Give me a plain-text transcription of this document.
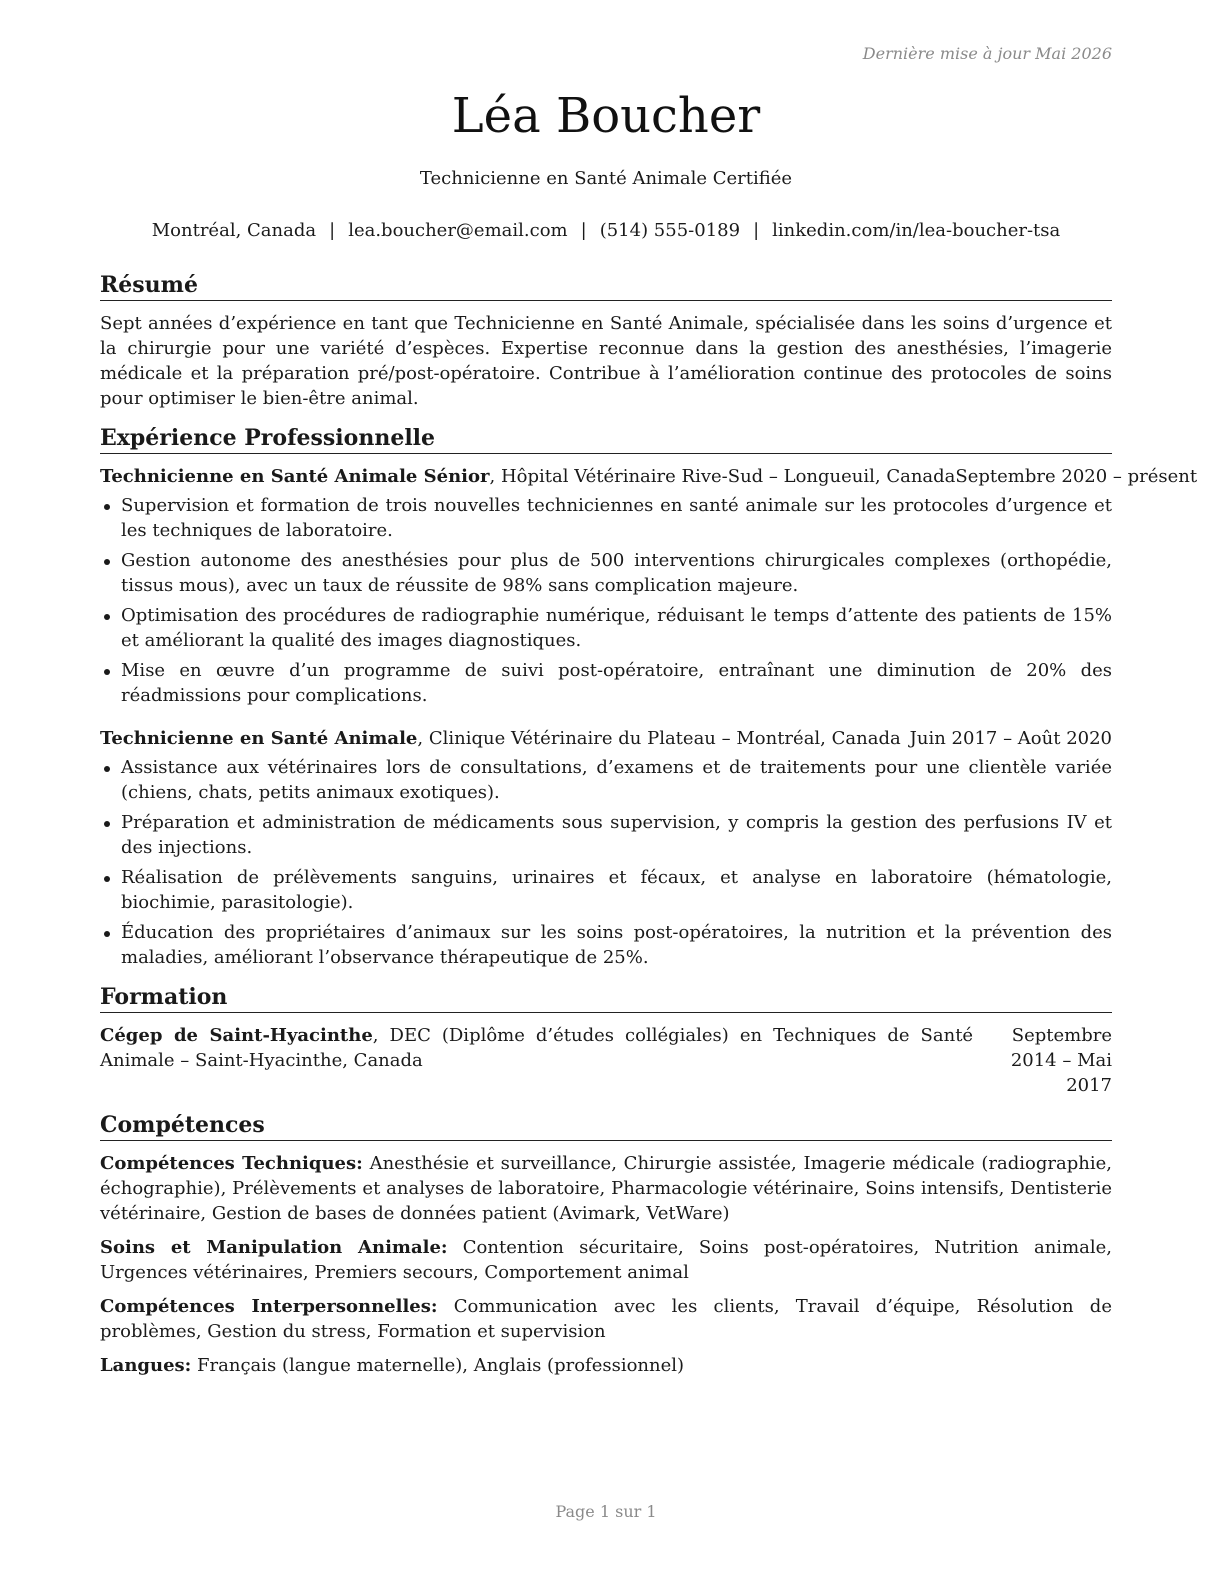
Dernière mise à jour Mai 2026
Léa Boucher
Technicienne en Santé Animale Certifiée
Montréal, Canada | lea.boucher@email.com | (514) 555-0189 | linkedin.com/in/lea-boucher-tsa
Résumé

Sept années d’expérience en tant que Technicienne en Santé Animale, spécialisée dans les soins d’urgence et la chirurgie pour une variété d’espèces. Expertise reconnue dans la gestion des anesthésies, l’imagerie médicale et la préparation pré/post-opératoire. Contribue à l’amélioration continue des protocoles de soins pour optimiser le bien-être animal.

Expérience Professionnelle
Technicienne en Santé Animale Sénior, Hôpital Vétérinaire Rive-Sud – Longueuil, Canada Septembre 2020 – présent
Supervision et formation de trois nouvelles techniciennes en santé animale sur les protocoles d’urgence et les techniques de laboratoire.
Gestion autonome des anesthésies pour plus de 500 interventions chirurgicales complexes (orthopédie, tissus mous), avec un taux de réussite de 98% sans complication majeure.
Optimisation des procédures de radiographie numérique, réduisant le temps d’attente des patients de 15% et améliorant la qualité des images diagnostiques.
Mise en œuvre d’un programme de suivi post-opératoire, entraînant une diminution de 20% des réadmissions pour complications.
Technicienne en Santé Animale, Clinique Vétérinaire du Plateau – Montréal, Canada Juin 2017 – Août 2020
Assistance aux vétérinaires lors de consultations, d’examens et de traitements pour une clientèle variée (chiens, chats, petits animaux exotiques).
Préparation et administration de médicaments sous supervision, y compris la gestion des perfusions IV et des injections.
Réalisation de prélèvements sanguins, urinaires et fécaux, et analyse en laboratoire (hématologie, biochimie, parasitologie).
Éducation des propriétaires d’animaux sur les soins post-opératoires, la nutrition et la prévention des maladies, améliorant l’observance thérapeutique de 25%.
Formation
Cégep de Saint-Hyacinthe, DEC (Diplôme d’études collégiales) en Techniques de Santé Animale – Saint-Hyacinthe, Canada
Septembre 2014 – Mai 2017
Compétences

Compétences Techniques: Anesthésie et surveillance, Chirurgie assistée, Imagerie médicale (radiographie, échographie), Prélèvements et analyses de laboratoire, Pharmacologie vétérinaire, Soins intensifs, Dentisterie vétérinaire, Gestion de bases de données patient (Avimark, VetWare)

Soins et Manipulation Animale: Contention sécuritaire, Soins post-opératoires, Nutrition animale, Urgences vétérinaires, Premiers secours, Comportement animal

Compétences Interpersonnelles: Communication avec les clients, Travail d’équipe, Résolution de problèmes, Gestion du stress, Formation et supervision

Langues: Français (langue maternelle), Anglais (professionnel)

Page 1 sur 1
